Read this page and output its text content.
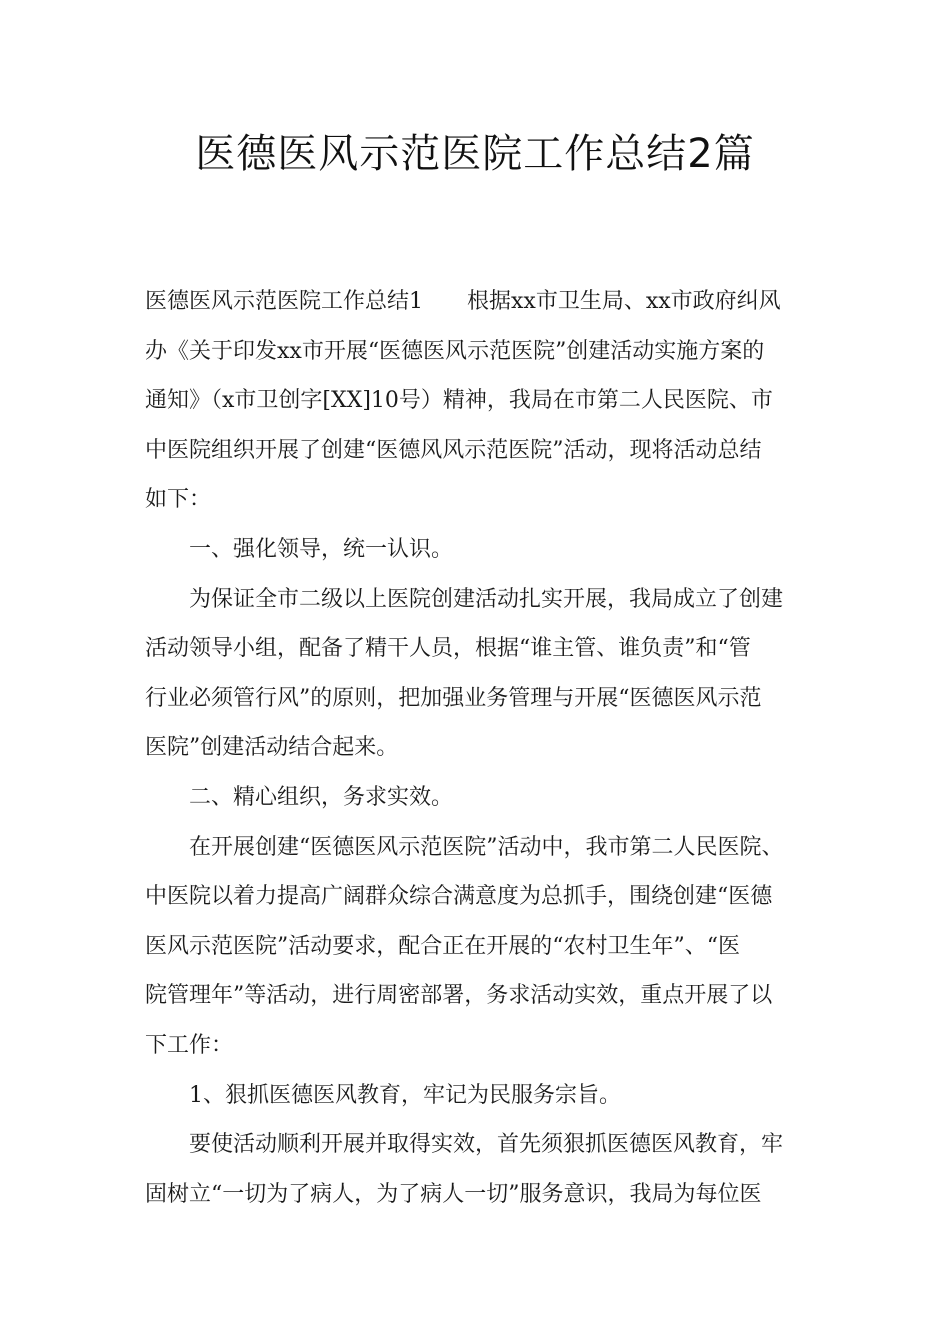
医德医风示范医院工作总结2篇
医德医风示范医院工作总结1　　根据xx市卫生局、xx市政府纠风
办《关于印发xx市开展“医德医风示范医院”创建活动实施方案的
通知》（x市卫创字[XX]10号）精神，我局在市第二人民医院、市
中医院组织开展了创建“医德风风示范医院”活动，现将活动总结
如下：
一、强化领导，统一认识。
为保证全市二级以上医院创建活动扎实开展，我局成立了创建
活动领导小组，配备了精干人员，根据“谁主管、谁负责”和“管
行业必须管行风”的原则，把加强业务管理与开展“医德医风示范
医院”创建活动结合起来。
二、精心组织，务求实效。
在开展创建“医德医风示范医院”活动中，我市第二人民医院、
中医院以着力提高广阔群众综合满意度为总抓手，围绕创建“医德
医风示范医院”活动要求，配合正在开展的“农村卫生年”、“医
院管理年”等活动，进行周密部署，务求活动实效，重点开展了以
下工作：
1、狠抓医德医风教育，牢记为民服务宗旨。
要使活动顺利开展并取得实效，首先须狠抓医德医风教育，牢
固树立“一切为了病人，为了病人一切”服务意识，我局为每位医
